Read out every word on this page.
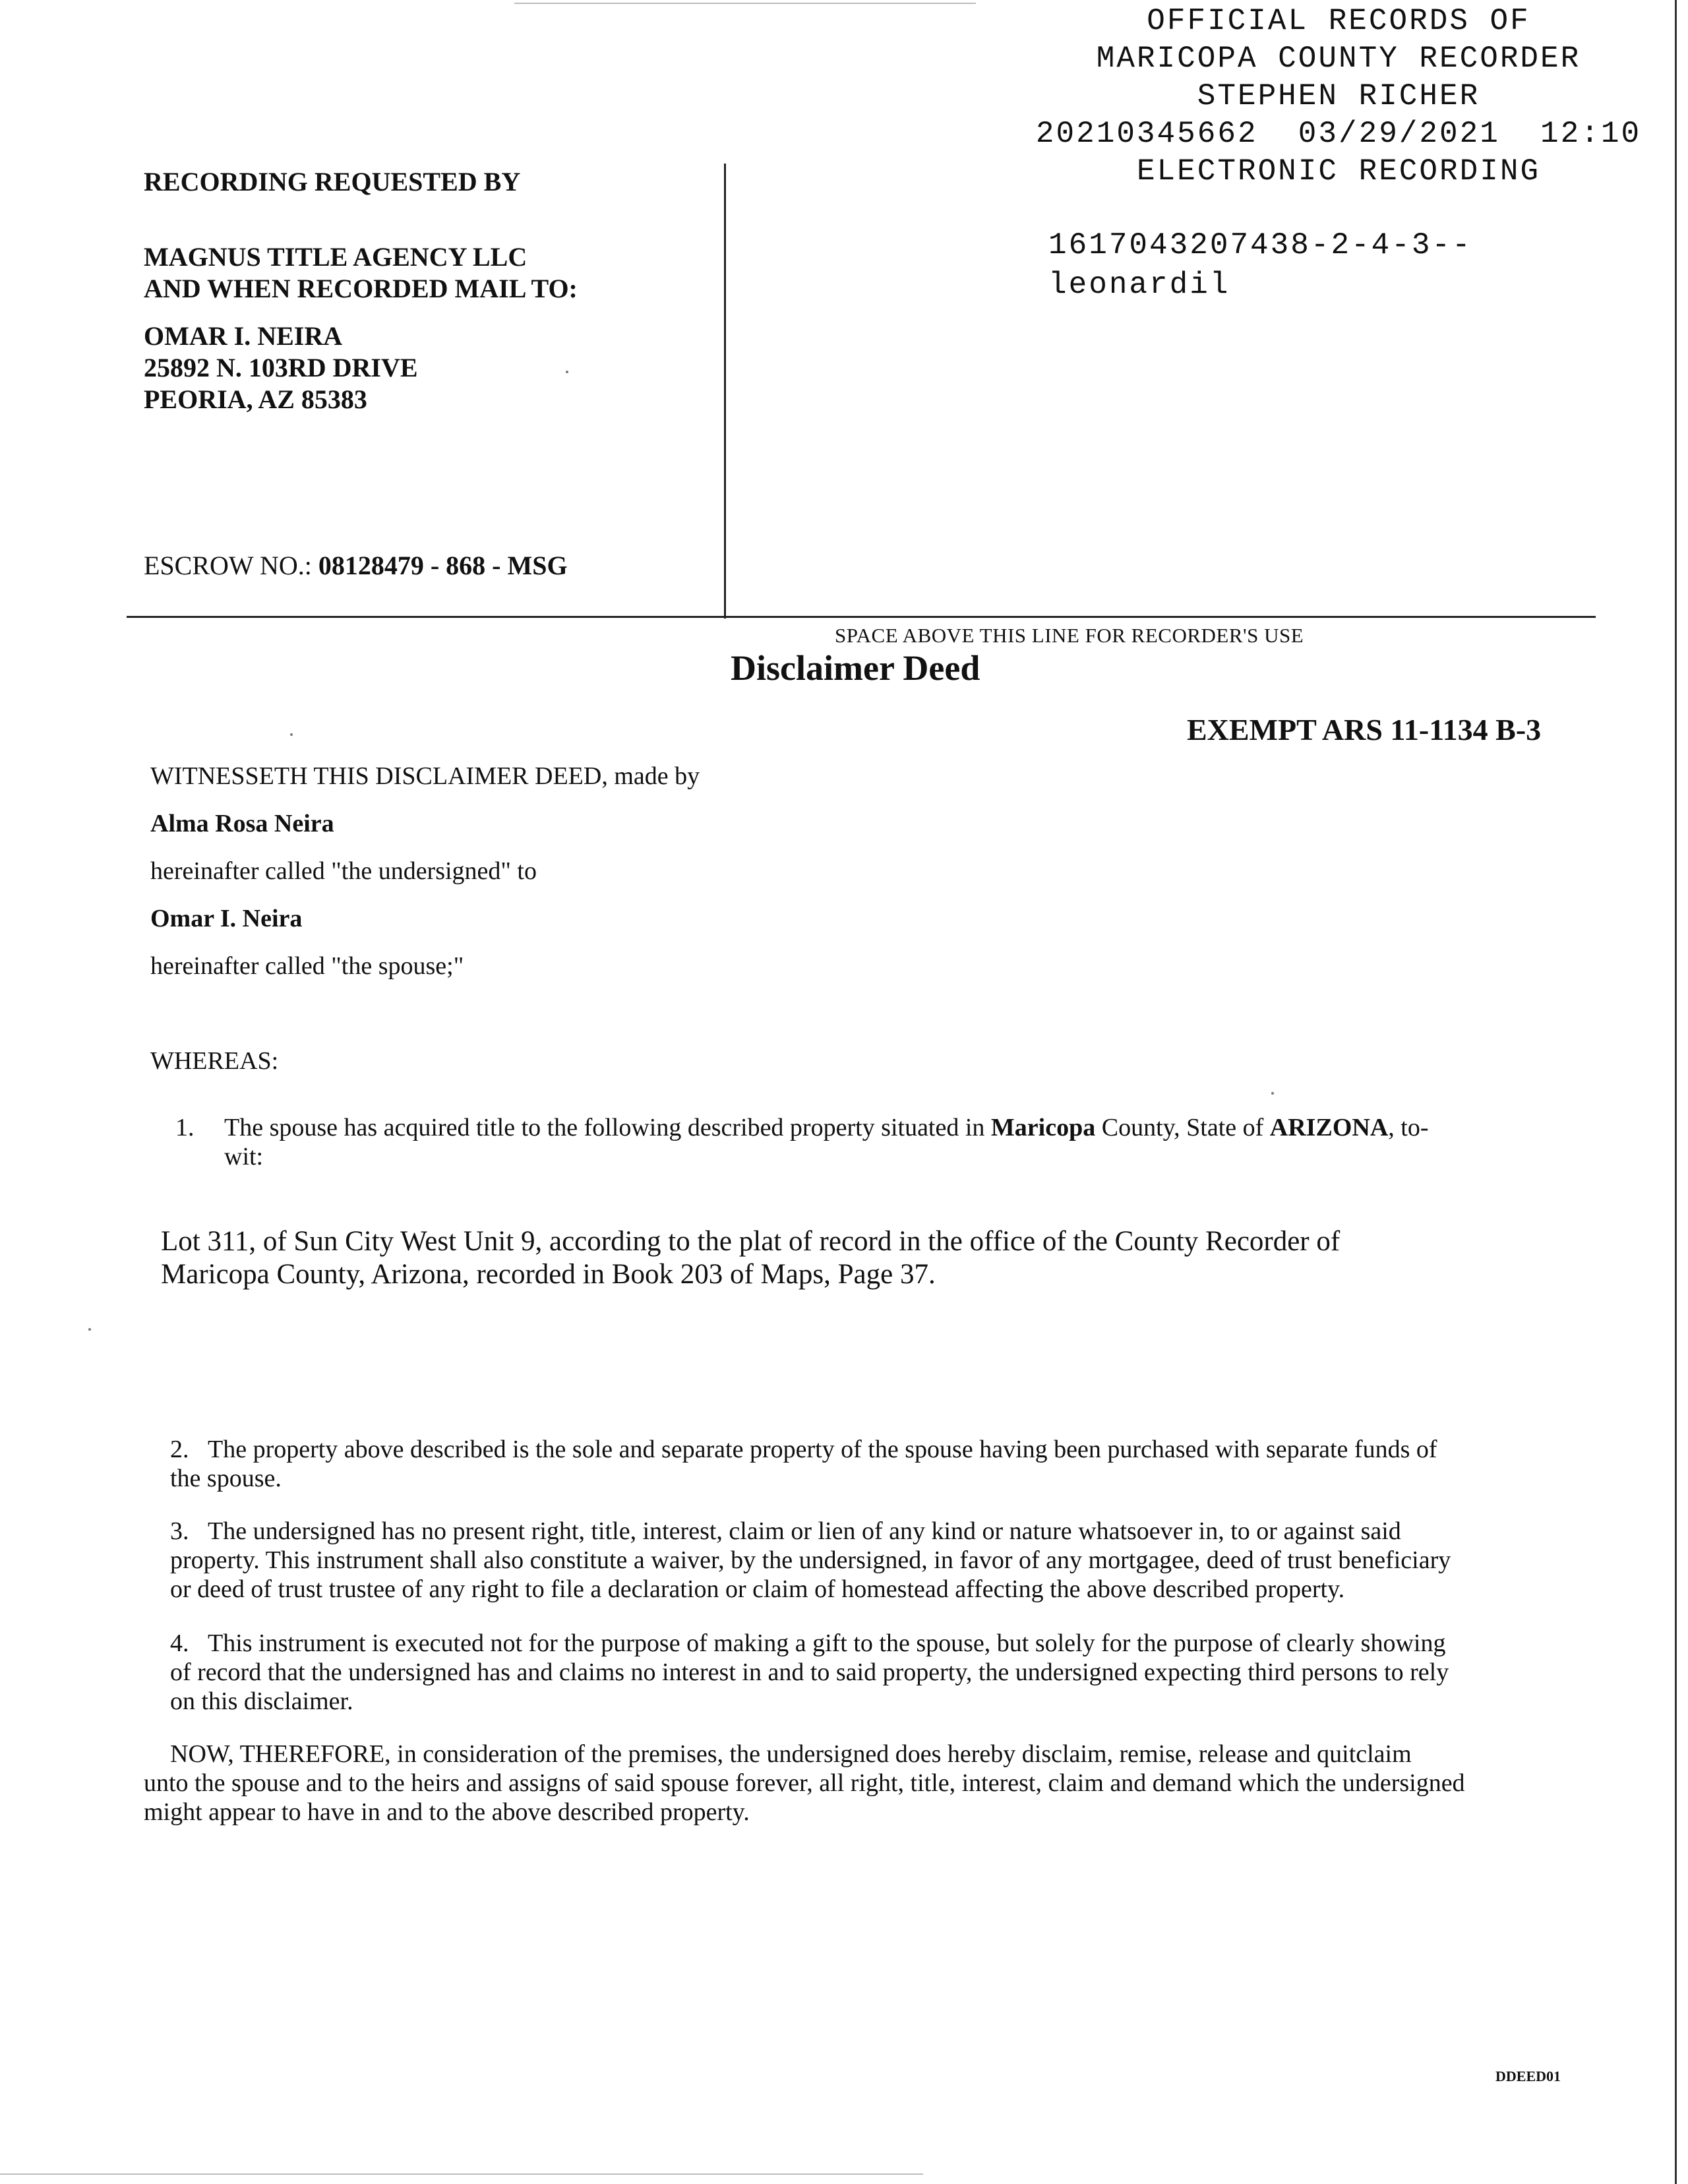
OFFICIAL RECORDS OF
MARICOPA COUNTY RECORDER
STEPHEN RICHER
20210345662 03/29/2021 12:10
ELECTRONIC RECORDING
1617043207438-2-4-3--
leonardil
RECORDING REQUESTED BY
MAGNUS TITLE AGENCY LLC
AND WHEN RECORDED MAIL TO:
OMAR I. NEIRA
25892 N. 103RD DRIVE
PEORIA, AZ 85383
ESCROW NO.: 08128479 - 868 - MSG
SPACE ABOVE THIS LINE FOR RECORDER'S USE
Disclaimer Deed
EXEMPT ARS 11-1134 B-3
WITNESSETH THIS DISCLAIMER DEED, made by
Alma Rosa Neira
hereinafter called "the undersigned" to
Omar I. Neira
hereinafter called "the spouse;"
WHEREAS:
1. The spouse has acquired title to the following described property situated in Maricopa County, State of ARIZONA, to-
wit:
Lot 311, of Sun City West Unit 9, according to the plat of record in the office of the County Recorder of
Maricopa County, Arizona, recorded in Book 203 of Maps, Page 37.
2. The property above described is the sole and separate property of the spouse having been purchased with separate funds of
the spouse.
3. The undersigned has no present right, title, interest, claim or lien of any kind or nature whatsoever in, to or against said
property. This instrument shall also constitute a waiver, by the undersigned, in favor of any mortgagee, deed of trust beneficiary
or deed of trust trustee of any right to file a declaration or claim of homestead affecting the above described property.
4. This instrument is executed not for the purpose of making a gift to the spouse, but solely for the purpose of clearly showing
of record that the undersigned has and claims no interest in and to said property, the undersigned expecting third persons to rely
on this disclaimer.
NOW, THEREFORE, in consideration of the premises, the undersigned does hereby disclaim, remise, release and quitclaim
unto the spouse and to the heirs and assigns of said spouse forever, all right, title, interest, claim and demand which the undersigned
might appear to have in and to the above described property.
DDEED01
